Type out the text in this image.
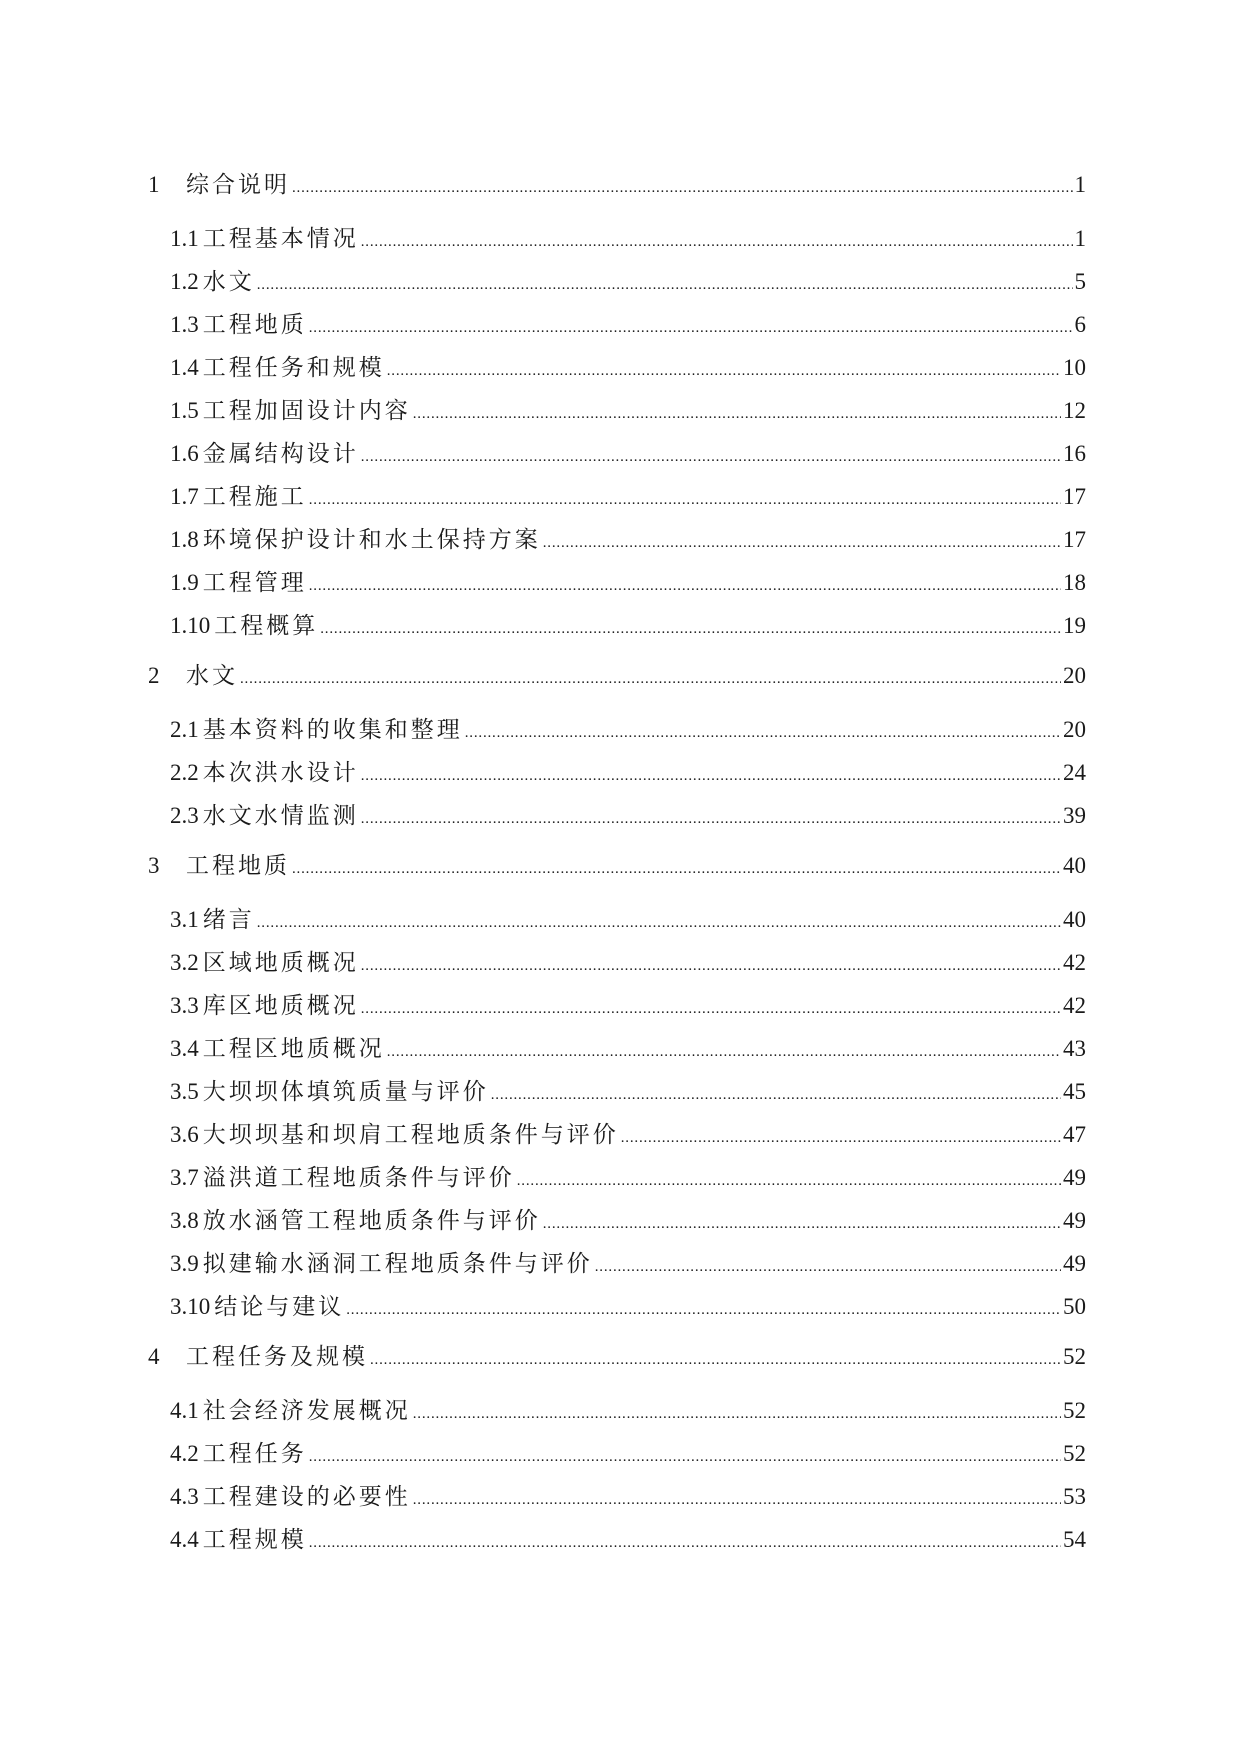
1	综合说明 .....	1
1.1 工程基本情况 .....	1
1.2 水文 .....	5
1.3 工程地质 .....	6
1.4 工程任务和规模 .....	10
1.5 工程加固设计内容 .....	12
1.6 金属结构设计 .....	16
1.7 工程施工 .....	17
1.8 环境保护设计和水土保持方案 .....	17
1.9 工程管理 .....	18
1.10 工程概算 .....	19
2	水文 .....	20
2.1 基本资料的收集和整理 .....	20
2.2 本次洪水设计 .....	24
2.3 水文水情监测 .....	39
3	工程地质 .....	40
3.1 绪言 .....	40
3.2 区域地质概况 .....	42
3.3 库区地质概况 .....	42
3.4 工程区地质概况 .....	43
3.5 大坝坝体填筑质量与评价 .....	45
3.6 大坝坝基和坝肩工程地质条件与评价 .....	47
3.7 溢洪道工程地质条件与评价 .....	49
3.8 放水涵管工程地质条件与评价 .....	49
3.9 拟建输水涵洞工程地质条件与评价 .....	49
3.10 结论与建议 .....	50
4	工程任务及规模 .....	52
4.1 社会经济发展概况 .....	52
4.2 工程任务 .....	52
4.3 工程建设的必要性 .....	53
4.4 工程规模 .....	54
